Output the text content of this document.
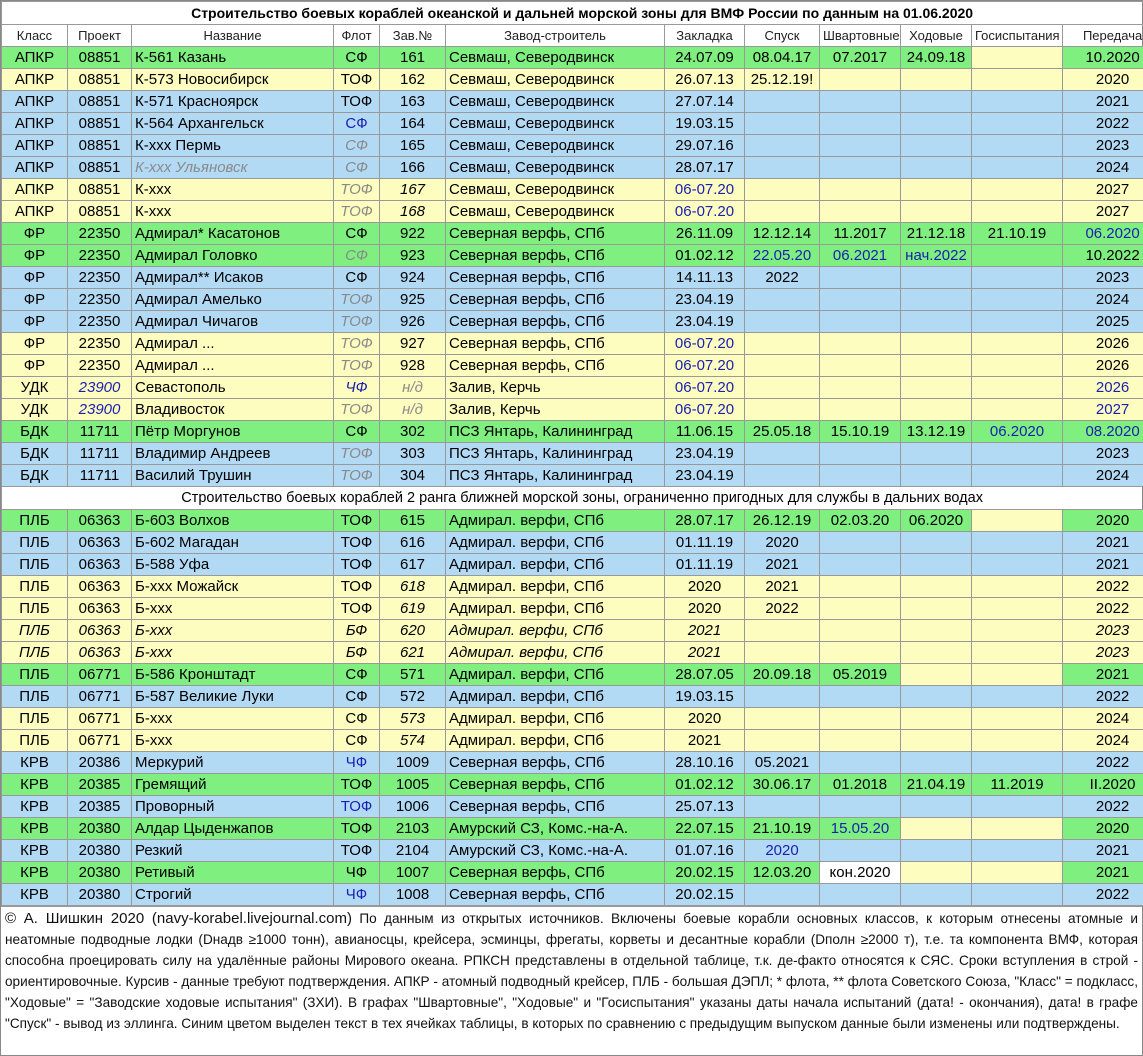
Строительство боевых кораблей океанской и дальней морской зоны для ВМФ России по данным на 01.06.2020											
Класс	Проект	Название	Флот	Зав.№	Завод-строитель	Закладка	Спуск	Швартовные	Ходовые	Госиспытания	Передача
АПКР	08851	К-561 Казань	СФ	161	Севмаш, Северодвинск	24.07.09	08.04.17	07.2017	24.09.18		10.2020
АПКР	08851	К-573 Новосибирск	ТОФ	162	Севмаш, Северодвинск	26.07.13	25.12.19!				2020
АПКР	08851	К-571 Красноярск	ТОФ	163	Севмаш, Северодвинск	27.07.14					2021
АПКР	08851	К-564 Архангельск	СФ	164	Севмаш, Северодвинск	19.03.15					2022
АПКР	08851	К-ххх Пермь	СФ	165	Севмаш, Северодвинск	29.07.16					2023
АПКР	08851	К-ххх Ульяновск	СФ	166	Севмаш, Северодвинск	28.07.17					2024
АПКР	08851	К-ххх	ТОФ	167	Севмаш, Северодвинск	06-07.20					2027
АПКР	08851	К-ххх	ТОФ	168	Севмаш, Северодвинск	06-07.20					2027
ФР	22350	Адмирал* Касатонов	СФ	922	Северная верфь, СПб	26.11.09	12.12.14	11.2017	21.12.18	21.10.19	06.2020
ФР	22350	Адмирал Головко	СФ	923	Северная верфь, СПб	01.02.12	22.05.20	06.2021	нач.2022		10.2022
ФР	22350	Адмирал** Исаков	СФ	924	Северная верфь, СПб	14.11.13	2022				2023
ФР	22350	Адмирал Амелько	ТОФ	925	Северная верфь, СПб	23.04.19					2024
ФР	22350	Адмирал Чичагов	ТОФ	926	Северная верфь, СПб	23.04.19					2025
ФР	22350	Адмирал ...	ТОФ	927	Северная верфь, СПб	06-07.20					2026
ФР	22350	Адмирал ...	ТОФ	928	Северная верфь, СПб	06-07.20					2026
УДК	23900	Севастополь	ЧФ	н/д	Залив, Керчь	06-07.20					2026
УДК	23900	Владивосток	ТОФ	н/д	Залив, Керчь	06-07.20					2027
БДК	11711	Пётр Моргунов	СФ	302	ПСЗ Янтарь, Калининград	11.06.15	25.05.18	15.10.19	13.12.19	06.2020	08.2020
БДК	11711	Владимир Андреев	ТОФ	303	ПСЗ Янтарь, Калининград	23.04.19					2023
БДК	11711	Василий Трушин	ТОФ	304	ПСЗ Янтарь, Калининград	23.04.19					2024
Строительство боевых кораблей 2 ранга ближней морской зоны, ограниченно пригодных для службы в дальних водах											
ПЛБ	06363	Б-603 Волхов	ТОФ	615	Адмирал. верфи, СПб	28.07.17	26.12.19	02.03.20	06.2020		2020
ПЛБ	06363	Б-602 Магадан	ТОФ	616	Адмирал. верфи, СПб	01.11.19	2020				2021
ПЛБ	06363	Б-588 Уфа	ТОФ	617	Адмирал. верфи, СПб	01.11.19	2021				2021
ПЛБ	06363	Б-ххх Можайск	ТОФ	618	Адмирал. верфи, СПб	2020	2021				2022
ПЛБ	06363	Б-ххх	ТОФ	619	Адмирал. верфи, СПб	2020	2022				2022
ПЛБ	06363	Б-ххх	БФ	620	Адмирал. верфи, СПб	2021					2023
ПЛБ	06363	Б-ххх	БФ	621	Адмирал. верфи, СПб	2021					2023
ПЛБ	06771	Б-586 Кронштадт	СФ	571	Адмирал. верфи, СПб	28.07.05	20.09.18	05.2019			2021
ПЛБ	06771	Б-587 Великие Луки	СФ	572	Адмирал. верфи, СПб	19.03.15					2022
ПЛБ	06771	Б-ххх	СФ	573	Адмирал. верфи, СПб	2020					2024
ПЛБ	06771	Б-ххх	СФ	574	Адмирал. верфи, СПб	2021					2024
КРВ	20386	Меркурий	ЧФ	1009	Северная верфь, СПб	28.10.16	05.2021				2022
КРВ	20385	Гремящий	ТОФ	1005	Северная верфь, СПб	01.02.12	30.06.17	01.2018	21.04.19	11.2019	II.2020
КРВ	20385	Проворный	ТОФ	1006	Северная верфь, СПб	25.07.13					2022
КРВ	20380	Алдар Цыденжапов	ТОФ	2103	Амурский СЗ, Комс.-на-А.	22.07.15	21.10.19	15.05.20			2020
КРВ	20380	Резкий	ТОФ	2104	Амурский СЗ, Комс.-на-А.	01.07.16	2020				2021
КРВ	20380	Ретивый	ЧФ	1007	Северная верфь, СПб	20.02.15	12.03.20	кон.2020			2021
КРВ	20380	Строгий	ЧФ	1008	Северная верфь, СПб	20.02.15					2022
© А. Шишкин 2020 (navy-korabel.livejournal.com) По данным из открытых источников. Включены боевые корабли основных классов, к которым отнесены атомные и неатомные подводные лодки (Dнадв ≥1000 тонн), авианосцы, крейсера, эсминцы, фрегаты, корветы и десантные корабли (Dполн ≥2000 т), т.е. та компонента ВМФ, которая способна проецировать силу на удалённые районы Мирового океана. РПКСН представлены в отдельной таблице, т.к. де-факто относятся к СЯС. Сроки вступления в строй - ориентировочные. Курсив - данные требуют подтверждения. АПКР - атомный подводный крейсер, ПЛБ - большая ДЭПЛ; * флота, ** флота Советского Союза, "Класс" = подкласс, "Ходовые" = "Заводские ходовые испытания" (ЗХИ). В графах "Швартовные", "Ходовые" и "Госиспытания" указаны даты начала испытаний (дата! - окончания), дата! в графе "Спуск" - вывод из эллинга. Синим цветом выделен текст в тех ячейках таблицы, в которых по сравнению с предыдущим выпуском данные были изменены или подтверждены.
